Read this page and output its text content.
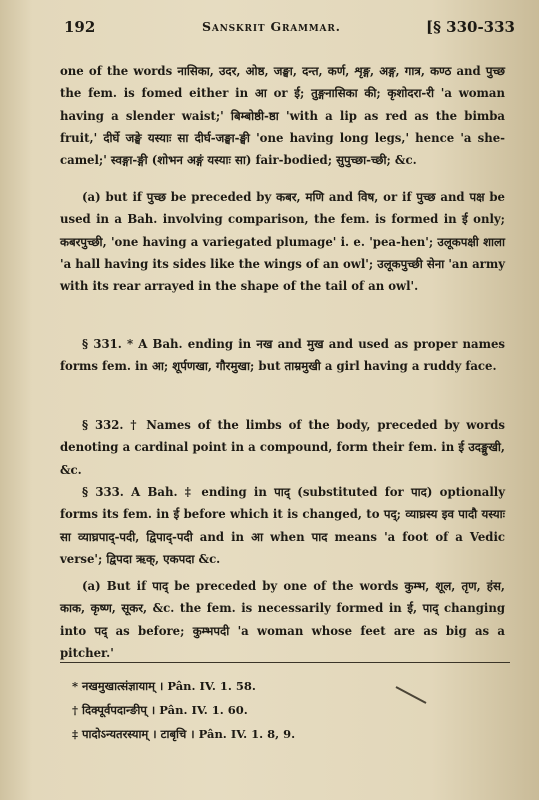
192	Sanskrit Grammar.	[§ 330-333

one of the words नासिका, उदर, ओष्ठ, जङ्घा, दन्त, कर्ण, शृङ्ग, अङ्ग, गात्र, कण्ठ and पुच्छ the fem. is fomed either in आ or ई; तुङ्गनासिका की; कृशोदरा-री 'a woman having a slender waist;' बिम्बोष्ठी-ष्ठा 'with a lip as red as the bimba fruit,' दीर्घे जङ्घे यस्याः सा दीर्घ-जङ्घा-ङ्घी 'one having long legs,' hence 'a she-camel;' स्वङ्गा-ङ्गी (शोभन अङ्गं यस्याः सा) fair-bodied; सुपुच्छा-च्छी; &c.

(a) but if पुच्छ be preceded by कबर, मणि and विष, or if पुच्छ and पक्ष be used in a Bah. involving comparison, the fem. is formed in ई only; कबरपुच्छी, 'one having a variegated plumage' i. e. 'pea-hen'; उलूकपक्षी शाला 'a hall having its sides like the wings of an owl'; उलूकपुच्छी सेना 'an army with its rear arrayed in the shape of the tail of an owl'.

§ 331. * A Bah. ending in नख and मुख and used as proper names forms fem. in आ; शूर्पणखा, गौरमुखा; but ताम्रमुखी a girl having a ruddy face.

§ 332. † Names of the limbs of the body, preceded by words denoting a cardinal point in a compound, form their fem. in ई उदङ्मुखी, &c.

§ 333. A Bah. ‡ ending in पाद् (substituted for पाद) optionally forms its fem. in ई before which it is changed, to पद्; व्याघ्रस्य इव पादौ यस्याः सा व्याघ्रपाद्-पदी, द्विपाद्-पदी and in आ when पाद means 'a foot of a Vedic verse'; द्विपदा ऋक्, एकपदा &c.

(a) But if पाद् be preceded by one of the words कुम्भ, शूल, तृण, हंस, काक, कृष्ण, सूकर, &c. the fem. is necessarily formed in ई, पाद् changing into पद् as before; कुम्भपदी 'a woman whose feet are as big as a pitcher.'

* नखमुखात्संज्ञायाम् । Pân. IV. 1. 58.

† दिक्पूर्वपदान्ङीप् । Pân. IV. 1. 60.

‡ पादोऽन्यतरस्याम् । टाबृचि । Pân. IV. 1. 8, 9.
